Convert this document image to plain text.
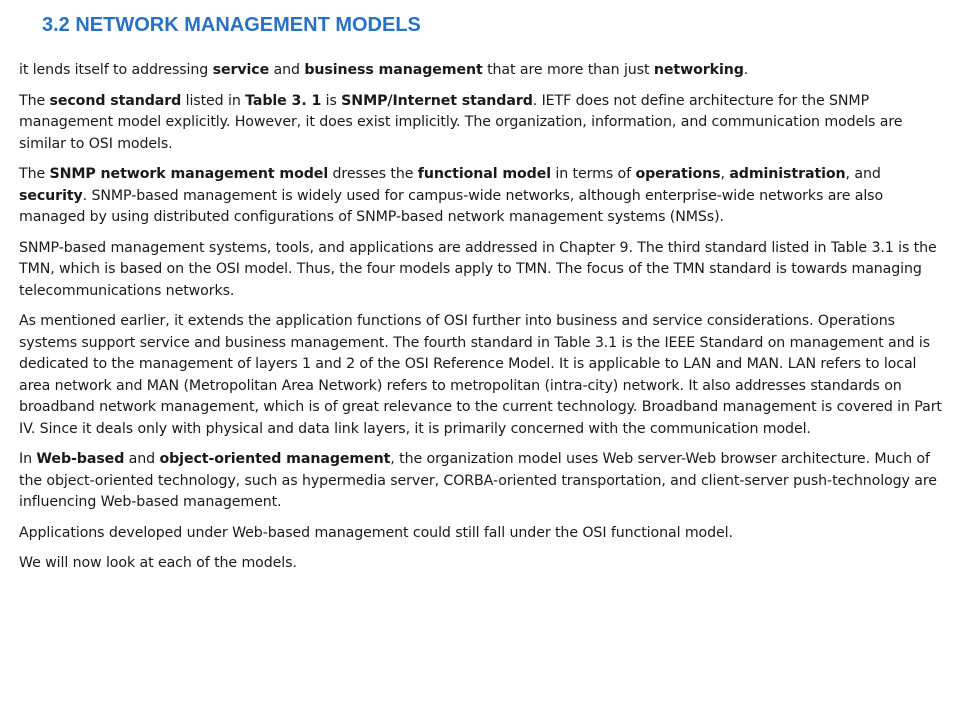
3.2 NETWORK MANAGEMENT MODELS

it lends itself to addressing service and business management that are more than just networking.

The second standard listed in Table 3. 1 is SNMP/Internet standard. IETF does not define architecture for the SNMP management model explicitly. However, it does exist implicitly. The organization, information, and communication models are similar to OSI models.

The SNMP network management model dresses the functional model in terms of operations, administration, and security. SNMP-based management is widely used for campus-wide networks, although enterprise-wide networks are also managed by using distributed configurations of SNMP-based network management systems (NMSs).

SNMP-based management systems, tools, and applications are addressed in Chapter 9. The third standard listed in Table 3.1 is the TMN, which is based on the OSI model. Thus, the four models apply to TMN. The focus of the TMN standard is towards managing telecommunications networks.

As mentioned earlier, it extends the application functions of OSI further into business and service considerations. Operations systems support service and business management. The fourth standard in Table 3.1 is the IEEE Standard on management and is dedicated to the management of layers 1 and 2 of the OSI Reference Model. It is applicable to LAN and MAN. LAN refers to local area network and MAN (Metropolitan Area Network) refers to metropolitan (intra-city) network. It also addresses standards on broadband network management, which is of great relevance to the current technology. Broadband management is covered in Part IV. Since it deals only with physical and data link layers, it is primarily concerned with the communication model.

In Web-based and object-oriented management, the organization model uses Web server-Web browser architecture. Much of the object-oriented technology, such as hypermedia server, CORBA-oriented transportation, and client-server push-technology are influencing Web-based management.

Applications developed under Web-based management could still fall under the OSI functional model.

We will now look at each of the models.
